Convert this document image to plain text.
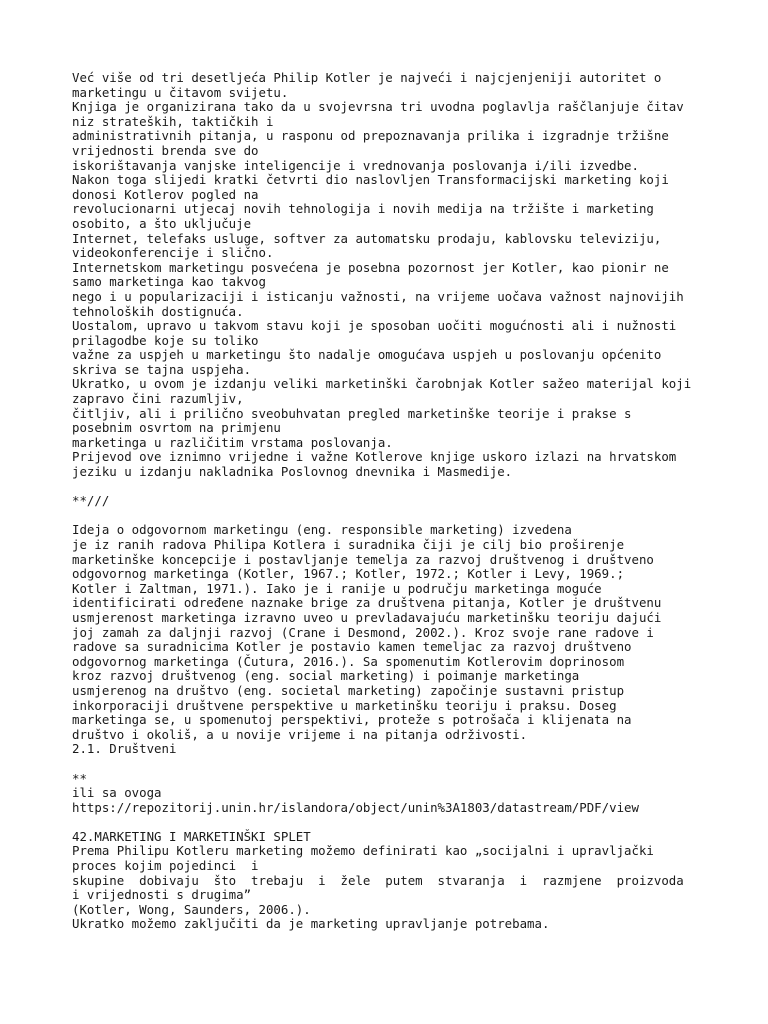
Već više od tri desetljeća Philip Kotler je najveći i najcjenjeniji autoritet o
marketingu u čitavom svijetu.
Knjiga je organizirana tako da u svojevrsna tri uvodna poglavlja raščlanjuje čitav
niz strateških, taktičkih i
administrativnih pitanja, u rasponu od prepoznavanja prilika i izgradnje tržišne
vrijednosti brenda sve do
iskorištavanja vanjske inteligencije i vrednovanja poslovanja i/ili izvedbe.
Nakon toga slijedi kratki četvrti dio naslovljen Transformacijski marketing koji
donosi Kotlerov pogled na
revolucionarni utjecaj novih tehnologija i novih medija na tržište i marketing
osobito, a što uključuje
Internet, telefaks usluge, softver za automatsku prodaju, kablovsku televiziju,
videokonferencije i slično.
Internetskom marketingu posvećena je posebna pozornost jer Kotler, kao pionir ne
samo marketinga kao takvog
nego i u popularizaciji i isticanju važnosti, na vrijeme uočava važnost najnovijih
tehnoloških dostignuća.
Uostalom, upravo u takvom stavu koji je sposoban uočiti mogućnosti ali i nužnosti
prilagodbe koje su toliko
važne za uspjeh u marketingu što nadalje omogućava uspjeh u poslovanju općenito
skriva se tajna uspjeha.
Ukratko, u ovom je izdanju veliki marketinški čarobnjak Kotler sažeo materijal koji
zapravo čini razumljiv,
čitljiv, ali i prilično sveobuhvatan pregled marketinške teorije i prakse s
posebnim osvrtom na primjenu
marketinga u različitim vrstama poslovanja.
Prijevod ove iznimno vrijedne i važne Kotlerove knjige uskoro izlazi na hrvatskom
jeziku u izdanju nakladnika Poslovnog dnevnika i Masmedije.
**///
Ideja o odgovornom marketingu (eng. responsible marketing) izvedena
je iz ranih radova Philipa Kotlera i suradnika čiji je cilj bio proširenje
marketinške koncepcije i postavljanje temelja za razvoj društvenog i društveno
odgovornog marketinga (Kotler, 1967.; Kotler, 1972.; Kotler i Levy, 1969.;
Kotler i Zaltman, 1971.). Iako je i ranije u području marketinga moguće
identificirati određene naznake brige za društvena pitanja, Kotler je društvenu
usmjerenost marketinga izravno uveo u prevladavajuću marketinšku teoriju dajući
joj zamah za daljnji razvoj (Crane i Desmond, 2002.). Kroz svoje rane radove i
radove sa suradnicima Kotler je postavio kamen temeljac za razvoj društveno
odgovornog marketinga (Čutura, 2016.). Sa spomenutim Kotlerovim doprinosom
kroz razvoj društvenog (eng. social marketing) i poimanje marketinga
usmjerenog na društvo (eng. societal marketing) započinje sustavni pristup
inkorporaciji društvene perspektive u marketinšku teoriju i praksu. Doseg
marketinga se, u spomenutoj perspektivi, proteže s potrošača i klijenata na
društvo i okoliš, a u novije vrijeme i na pitanja održivosti.
2.1. Društveni
**
ili sa ovoga
https://repozitorij.unin.hr/islandora/object/unin%3A1803/datastream/PDF/view
42.MARKETING I MARKETINŠKI SPLET
Prema Philipu Kotleru marketing možemo definirati kao „socijalni i upravljački
proces kojim pojedinci  i
skupine  dobivaju  što  trebaju  i  žele  putem  stvaranja  i  razmjene  proizvoda
i vrijednosti s drugima”
(Kotler, Wong, Saunders, 2006.).
Ukratko možemo zaključiti da je marketing upravljanje potrebama.
